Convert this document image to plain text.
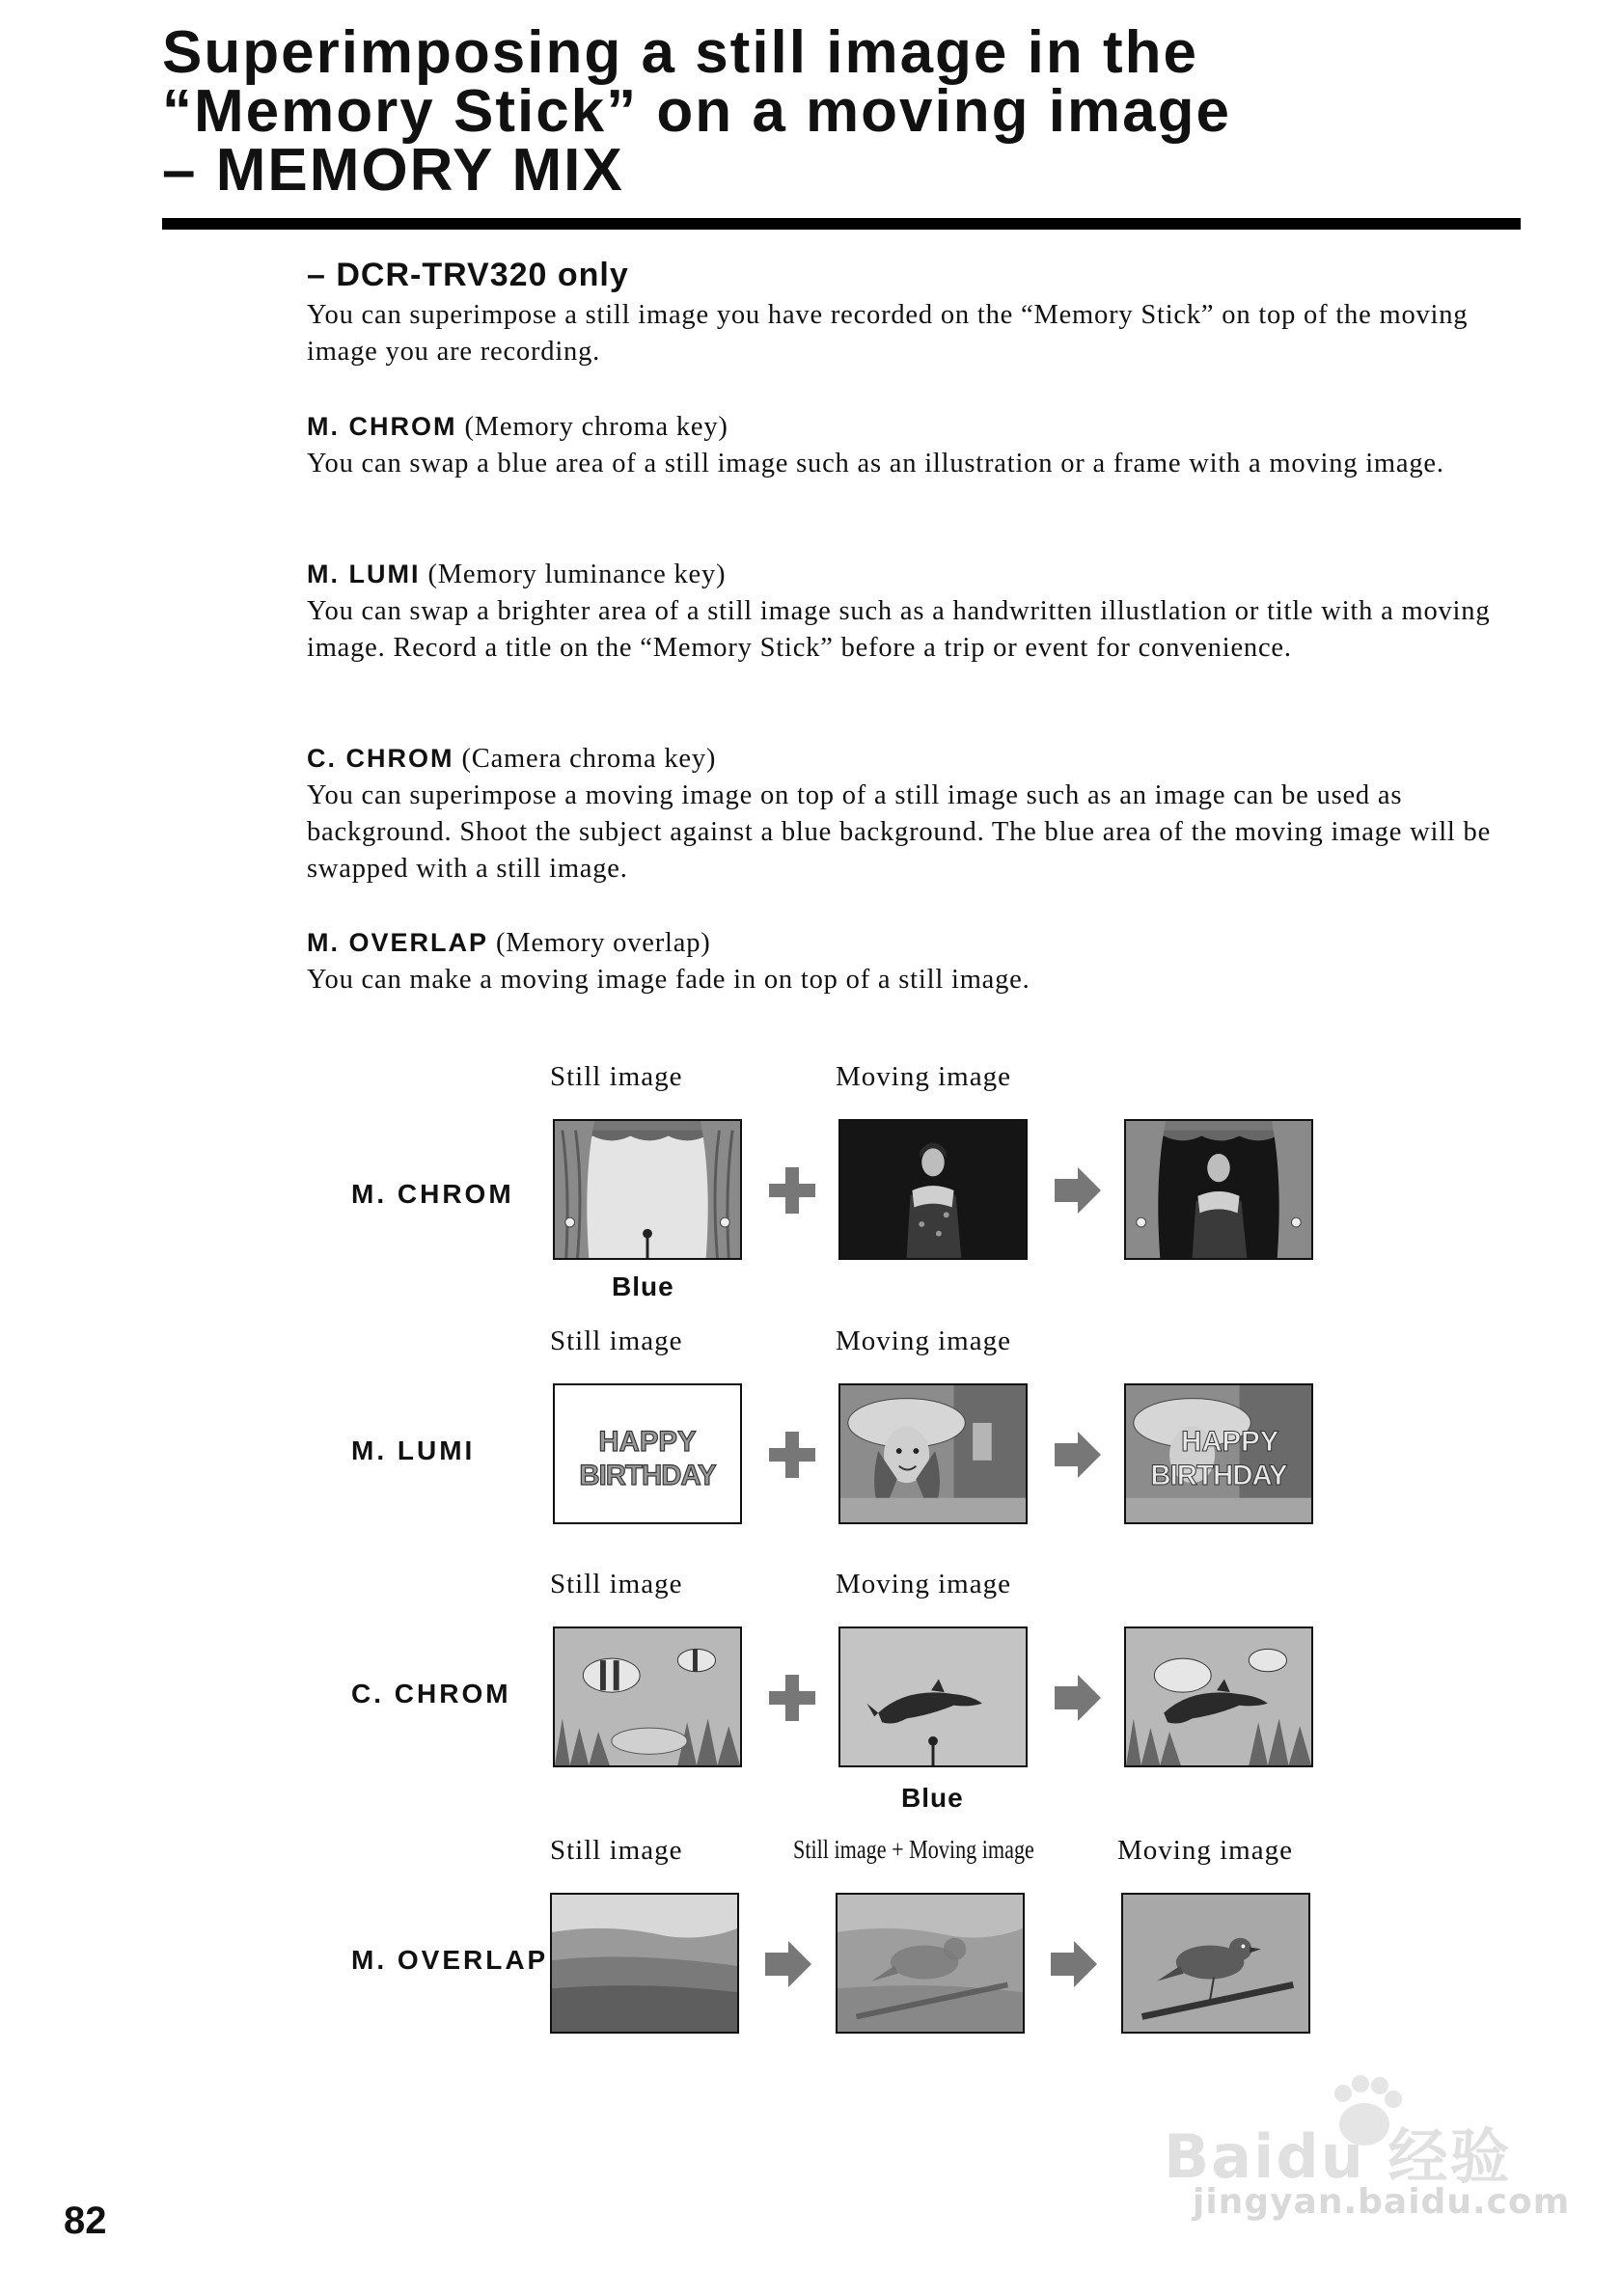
Superimposing a still image in the
“Memory Stick” on a moving image
– MEMORY MIX
– DCR-TRV320 only

You can superimpose a still image you have recorded on the “Memory Stick” on top of the moving image you are recording.

M. CHROM (Memory chroma key)
You can swap a blue area of a still image such as an illustration or a frame with a moving image.
M. LUMI (Memory luminance key)
You can swap a brighter area of a still image such as a handwritten illustlation or title with a moving image. Record a title on the “Memory Stick” before a trip or event for convenience.
C. CHROM (Camera chroma key)
You can superimpose a moving image on top of a still image such as an image can be used as background. Shoot the subject against a blue background. The blue area of the moving image will be swapped with a still image.
M. OVERLAP (Memory overlap)
You can make a moving image fade in on top of a still image.
Still image	Moving image
M. CHROM
Blue
Still image	Moving image
M. LUMI	HAPPY
BIRTHDAY
HAPPY
BIRTHDAY
Still image	Moving image
C. CHROM
Blue
Still image	Still image + Moving image	Moving image
M. OVERLAP
82
Baidu 经验
jingyan.baidu.com
